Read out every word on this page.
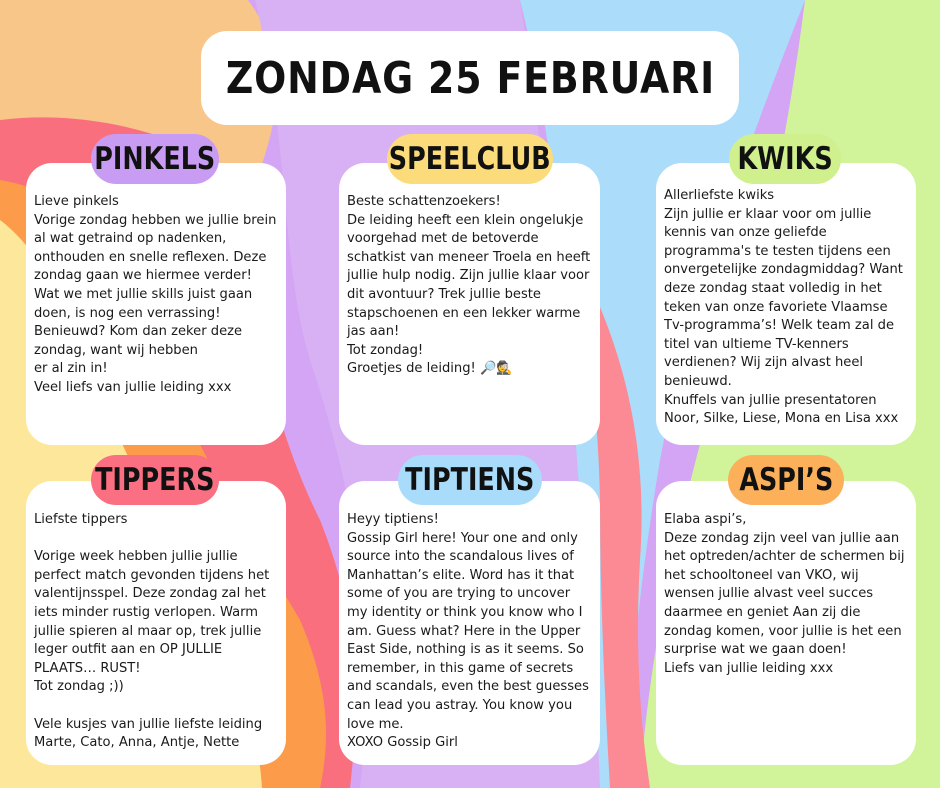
ZONDAG 25 FEBRUARI
Lieve pinkels
Vorige zondag hebben we jullie brein al wat getraind op nadenken, onthouden en snelle reflexen. Deze zondag gaan we hiermee verder! Wat we met jullie skills juist gaan doen, is nog een verrassing! Benieuwd? Kom dan zeker deze zondag, want wij hebben
er al zin in!
Veel liefs van jullie leiding xxx
PINKELS
Beste schattenzoekers!
De leiding heeft een klein ongelukje voorgehad met de betoverde schatkist van meneer Troela en heeft jullie hulp nodig. Zijn jullie klaar voor dit avontuur? Trek jullie beste stapschoenen en een lekker warme jas aan!
Tot zondag!
Groetjes de leiding! 🔎🕵
SPEELCLUB
Allerliefste kwiks
Zijn jullie er klaar voor om jullie kennis van onze geliefde programma's te testen tijdens een onvergetelijke zondagmiddag? Want deze zondag staat volledig in het teken van onze favoriete Vlaamse Tv-programma’s! Welk team zal de titel van ultieme TV-kenners verdienen? Wij zijn alvast heel benieuwd.
Knuffels van jullie presentatoren Noor, Silke, Liese, Mona en Lisa xxx
KWIKS
Liefste tippers

Vorige week hebben jullie jullie perfect match gevonden tijdens het valentijnsspel. Deze zondag zal het iets minder rustig verlopen. Warm jullie spieren al maar op, trek jullie leger outfit aan en OP JULLIE PLAATS… RUST!
Tot zondag ;))

Vele kusjes van jullie liefste leiding
Marte, Cato, Anna, Antje, Nette
TIPPERS
Heyy tiptiens!
Gossip Girl here! Your one and only source into the scandalous lives of Manhattan’s elite. Word has it that some of you are trying to uncover my identity or think you know who I am. Guess what? Here in the Upper East Side, nothing is as it seems. So remember, in this game of secrets and scandals, even the best guesses can lead you astray. You know you love me.
XOXO Gossip Girl
TIPTIENS
Elaba aspi’s,
Deze zondag zijn veel van jullie aan het optreden/achter de schermen bij het schooltoneel van VKO, wij wensen jullie alvast veel succes daarmee en geniet Aan zij die zondag komen, voor jullie is het een surprise wat we gaan doen!
Liefs van jullie leiding xxx
ASPI’S
